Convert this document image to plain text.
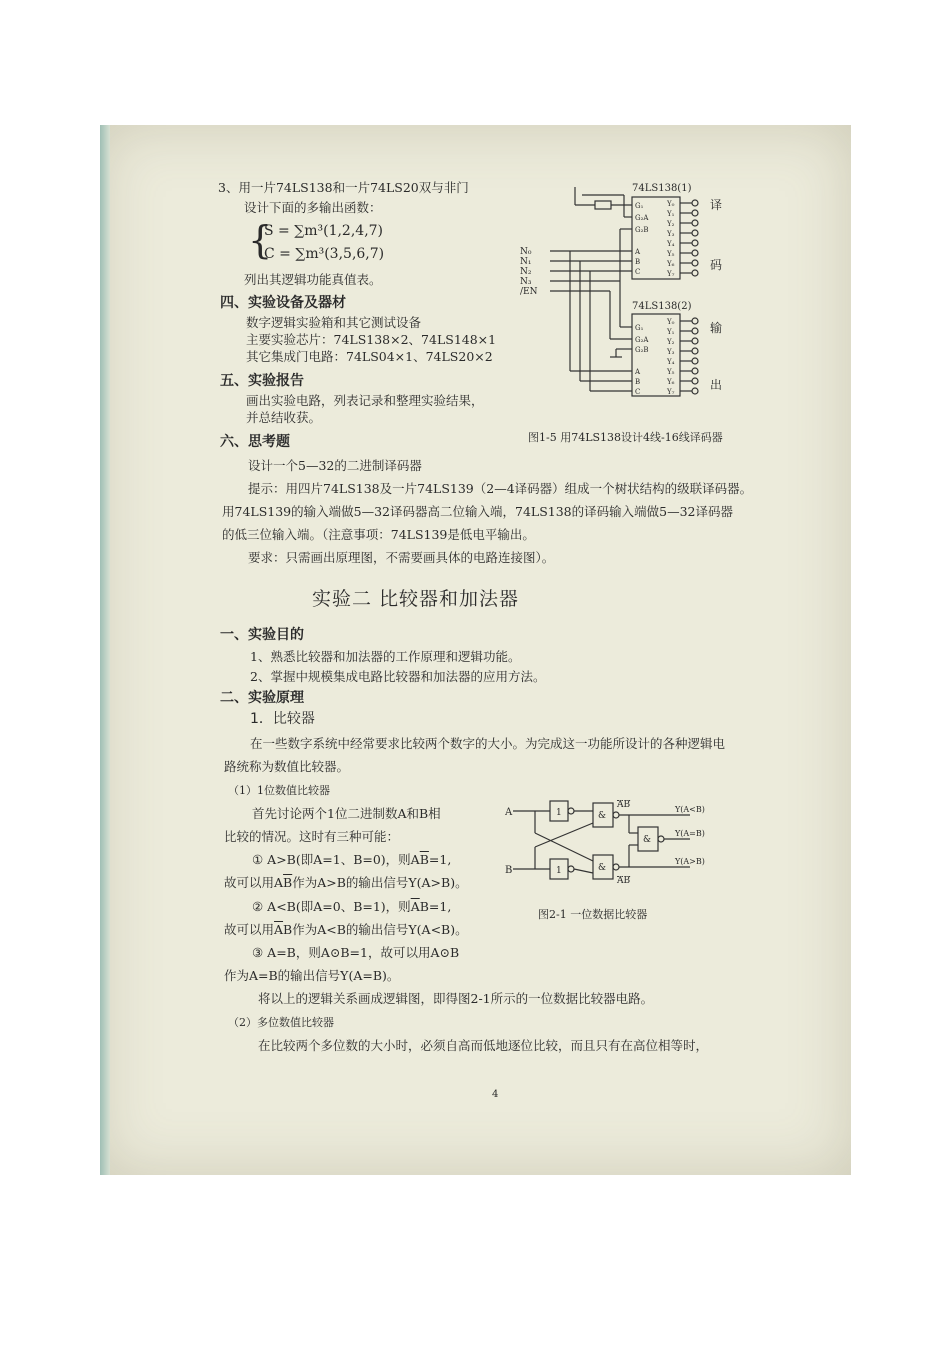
3、用一片74LS138和一片74LS20双与非门
设计下面的多输出函数：
{
S = ∑m³(1,2,4,7)
C = ∑m³(3,5,6,7)
列出其逻辑功能真值表。
四、实验设备及器材
数字逻辑实验箱和其它测试设备
主要实验芯片：74LS138×2、74LS148×1
其它集成门电路：74LS04×1、74LS20×2
五、实验报告
画出实验电路，列表记录和整理实验结果，
并总结收获。
六、思考题
设计一个5—32的二进制译码器
提示：用四片74LS138及一片74LS139（2—4译码器）组成一个树状结构的级联译码器。
用74LS139的输入端做5—32译码器高二位输入端，74LS138的译码输入端做5—32译码器
的低三位输入端。（注意事项：74LS139是低电平输出。
要求：只需画出原理图，不需要画具体的电路连接图）。
74LS138(1)
74LS138(2)
N₀
N₁
N₂
N₃
/EN
G₁
G₂A
G₂B
A
B
C
Y₀
Y₁
Y₂
Y₃
Y₄
Y₅
Y₆
Y₇
G₁
G₂A
G₂B
A
B
C
Y₀
Y₁
Y₂
Y₃
Y₄
Y₅
Y₆
Y₇
译
码
输
出
图1-5 用74LS138设计4线-16线译码器
实验二 比较器和加法器
一、实验目的
1、熟悉比较器和加法器的工作原理和逻辑功能。
2、掌握中规模集成电路比较器和加法器的应用方法。
二、实验原理
1．比较器
在一些数字系统中经常要求比较两个数字的大小。为完成这一功能所设计的各种逻辑电
路统称为数值比较器。
（1）1位数值比较器
首先讨论两个1位二进制数A和B相
比较的情况。这时有三种可能：
① A>B(即A=1、B=0)，则$A\overline{B}=1$,
故可以用$A\overline{B}$作为A>B的输出信号Y(A>B)。
② A<B(即A=0、B=1)，则$\overline{A}B=1$,
故可以用$\overline{A}B$作为A<B的输出信号Y(A<B)。
③ A=B，则A⊙B=1，故可以用A⊙B
作为A=B的输出信号Y(A=B)。
将以上的逻辑关系画成逻辑图，即得图2-1所示的一位数据比较器电路。
（2）多位数值比较器
在比较两个多位数的大小时，必须自高而低地逐位比较，而且只有在高位相等时，
A
B
1
1
&
&
&
AB
AB
Y(A<B)
Y(A=B)
Y(A>B)
图2-1 一位数据比较器
4
